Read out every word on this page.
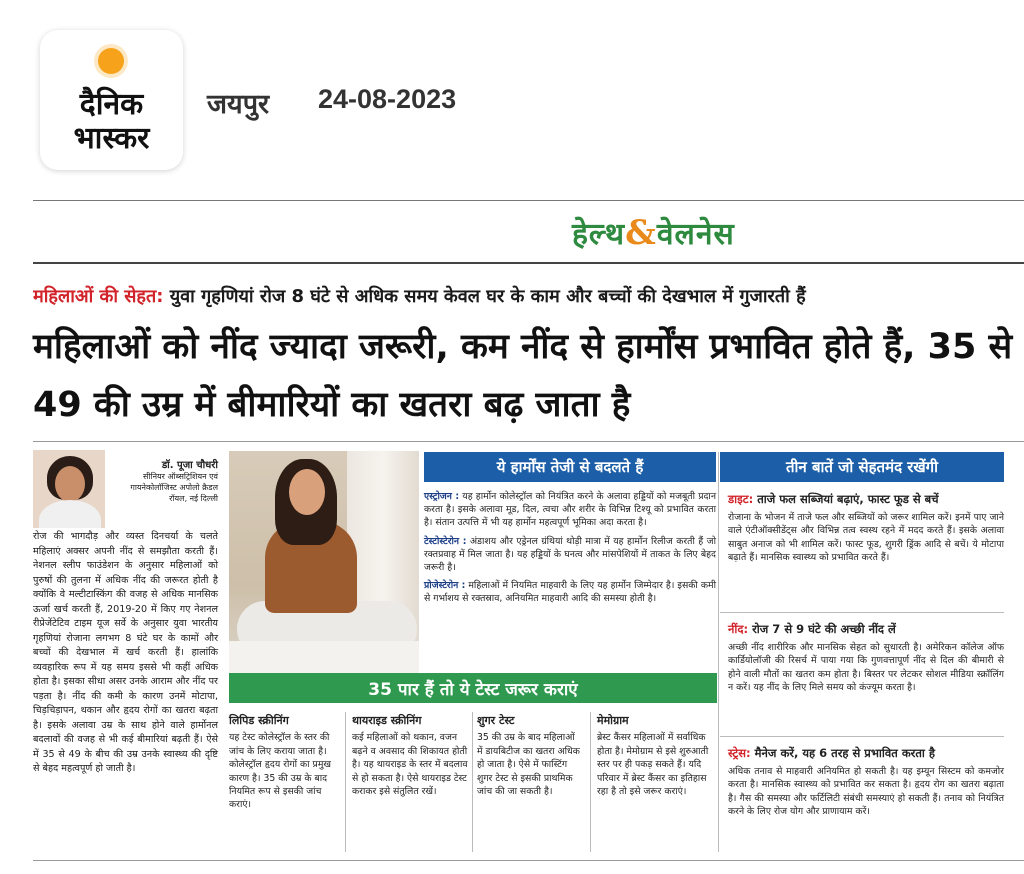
दैनिक
भास्कर
जयपुर 24-08-2023
हेल्थ&वेलनेस
महिलाओं की सेहत: युवा गृहणियां रोज 8 घंटे से अधिक समय केवल घर के काम और बच्चों की देखभाल में गुजारती हैं
महिलाओं को नींद ज्यादा जरूरी, कम नींद से हार्मोंस प्रभावित होते हैं, 35 से 49 की उम्र में बीमारियों का खतरा बढ़ जाता है
डॉ. पूजा चौधरी
सीनियर ऑब्सट्रिशियन एवं गायनेकोलॉजिस्ट अपोलो क्रैडल रॉयल, नई दिल्ली
रोज की भागदौड़ और व्यस्त दिनचर्या के चलते महिलाएं अक्सर अपनी नींद से समझौता करती हैं। नेशनल स्लीप फाउंडेशन के अनुसार महिलाओं को पुरुषों की तुलना में अधिक नींद की जरूरत होती है क्योंकि वे मल्टीटास्किंग की वजह से अधिक मानसिक ऊर्जा खर्च करती हैं, 2019-20 में किए गए नेशनल रीप्रेजेंटेटिव टाइम यूज सर्वे के अनुसार युवा भारतीय गृहणियां रोजाना लगभग 8 घंटे घर के कामों और बच्चों की देखभाल में खर्च करती हैं। हालांकि व्यवहारिक रूप में यह समय इससे भी कहीं अधिक होता है। इसका सीधा असर उनके आराम और नींद पर पड़ता है। नींद की कमी के कारण उनमें मोटापा, चिड़चिड़ापन, थकान और हृदय रोगों का खतरा बढ़ता है। इसके अलावा उम्र के साथ होने वाले हार्मोनल बदलावों की वजह से भी कई बीमारियां बढ़ती हैं। ऐसे में 35 से 49 के बीच की उम्र उनके स्वास्थ्य की दृष्टि से बेहद महत्वपूर्ण हो जाती है।
ये हार्मोंस तेजी से बदलते हैं

एस्ट्रोजन : यह हार्मोन कोलेस्ट्रॉल को नियंत्रित करने के अलावा हड्डियों को मजबूती प्रदान करता है। इसके अलावा मूड, दिल, त्वचा और शरीर के विभिन्न टिश्यू को प्रभावित करता है। संतान उत्पत्ति में भी यह हार्मोन महत्वपूर्ण भूमिका अदा करता है।

टेस्टोस्टेरोन : अंडाशय और एड्रेनल ग्रंथियां थोड़ी मात्रा में यह हार्मोन रिलीज करती हैं जो रक्तप्रवाह में मिल जाता है। यह हड्डियों के घनत्व और मांसपेशियों में ताकत के लिए बेहद जरूरी है।

प्रोजेस्टेरोन : महिलाओं में नियमित माहवारी के लिए यह हार्मोन जिम्मेदार है। इसकी कमी से गर्भाशय से रक्तस्राव, अनियमित माहवारी आदि की समस्या होती है।

35 पार हैं तो ये टेस्ट जरूर कराएं
लिपिड स्क्रीनिंग
यह टेस्ट कोलेस्ट्रॉल के स्तर की जांच के लिए कराया जाता है। कोलेस्ट्रॉल हृदय रोगों का प्रमुख कारण है। 35 की उम्र के बाद नियमित रूप से इसकी जांच कराएं।
थायराइड स्क्रीनिंग
कई महिलाओं को थकान, वजन बढ़ने व अवसाद की शिकायत होती है। यह थायराइड के स्तर में बदलाव से हो सकता है। ऐसे थायराइड टेस्ट कराकर इसे संतुलित रखें।
शुगर टेस्ट
35 की उम्र के बाद महिलाओं में डायबिटीज का खतरा अधिक हो जाता है। ऐसे में फास्टिंग शुगर टेस्ट से इसकी प्राथमिक जांच की जा सकती है।
मेमोग्राम
ब्रेस्ट कैंसर महिलाओं में सर्वाधिक होता है। मेमोग्राम से इसे शुरुआती स्तर पर ही पकड़ सकते हैं। यदि परिवार में ब्रेस्ट कैंसर का इतिहास रहा है तो इसे जरूर कराएं।
तीन बातें जो सेहतमंद रखेंगी
डाइट: ताजे फल सब्जियां बढ़ाएं, फास्ट फूड से बचें
रोजाना के भोजन में ताजे फल और सब्जियों को जरूर शामिल करें। इनमें पाए जाने वाले एंटीऑक्सीडेंट्स और विभिन्न तत्व स्वस्थ रहने में मदद करते हैं। इसके अलावा साबुत अनाज को भी शामिल करें। फास्ट फूड, शुगरी ड्रिंक आदि से बचें। ये मोटापा बढ़ाते हैं। मानसिक स्वास्थ्य को प्रभावित करते हैं।
नींद: रोज 7 से 9 घंटे की अच्छी नींद लें
अच्छी नींद शारीरिक और मानसिक सेहत को सुधारती है। अमेरिकन कॉलेज ऑफ कार्डियोलॉजी की रिसर्च में पाया गया कि गुणवत्तापूर्ण नींद से दिल की बीमारी से होने वाली मौतों का खतरा कम होता है। बिस्तर पर लेटकर सोशल मीडिया स्क्रॉलिंग न करें। यह नींद के लिए मिले समय को कंज्यूम करता है।
स्ट्रेस: मैनेज करें, यह 6 तरह से प्रभावित करता है
अधिक तनाव से माहवारी अनियमित हो सकती है। यह इम्यून सिस्टम को कमजोर करता है। मानसिक स्वास्थ्य को प्रभावित कर सकता है। हृदय रोग का खतरा बढ़ाता है। गैस की समस्या और फर्टिलिटी संबंधी समस्याएं हो सकती हैं। तनाव को नियंत्रित करने के लिए रोज योग और प्राणायाम करें।
